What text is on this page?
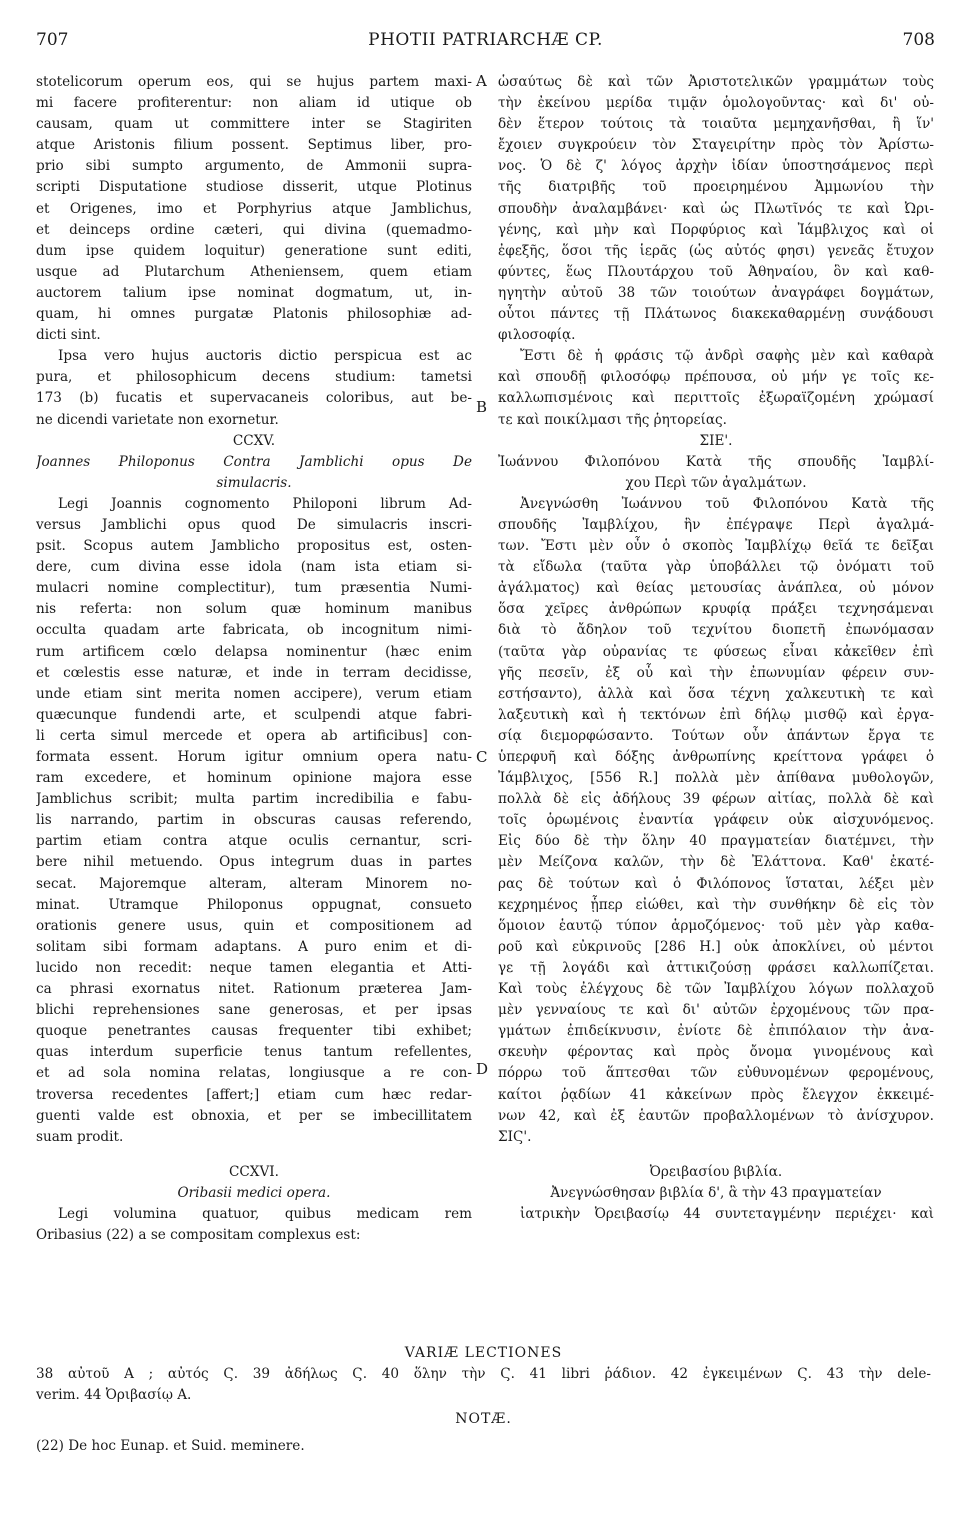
707	PHOTII PATRIARCHÆ CP.	708
stotelicorum operum eos, qui se hujus partem maxi-
mi facere profiterentur: non aliam id utique ob
causam, quam ut committere inter se Stagiriten
atque Aristonis filium possent. Septimus liber, pro-
prio sibi sumpto argumento, de Ammonii supra-
scripti Disputatione studiose disserit, utque Plotinus
et Origenes, imo et Porphyrius atque Jamblichus,
et deinceps ordine cæteri, qui divina (quemadmo-
dum ipse quidem loquitur) generatione sunt editi,
usque ad Plutarchum Atheniensem, quem etiam
auctorem talium ipse nominat dogmatum, ut, in-
quam, hi omnes purgatæ Platonis philosophiæ ad-
dicti sint.
Ipsa vero hujus auctoris dictio perspicua est ac
pura, et philosophicum decens studium: tametsi
173 (b) fucatis et supervacaneis coloribus, aut be-
ne dicendi varietate non exornetur.
CCXV.
Joannes Philoponus Contra Jamblichi opus De
simulacris.
Legi Joannis cognomento Philoponi librum Ad-
versus Jamblichi opus quod De simulacris inscri-
psit. Scopus autem Jamblicho propositus est, osten-
dere, cum divina esse idola (nam ista etiam si-
mulacri nomine complectitur), tum præsentia Numi-
nis referta: non solum quæ hominum manibus
occulta quadam arte fabricata, ob incognitum nimi-
rum artificem cœlo delapsa nominentur (hæc enim
et cœlestis esse naturæ, et inde in terram decidisse,
unde etiam sint merita nomen accipere), verum etiam
quæcunque fundendi arte, et sculpendi atque fabri-
li certa simul mercede et opera ab artificibus] con-
formata essent. Horum igitur omnium opera natu-
ram excedere, et hominum opinione majora esse
Jamblichus scribit; multa partim incredibilia e fabu-
lis narrando, partim in obscuras causas referendo,
partim etiam contra atque oculis cernantur, scri-
bere nihil metuendo. Opus integrum duas in partes
secat. Majoremque alteram, alteram Minorem no-
minat. Utramque Philoponus oppugnat, consueto
orationis genere usus, quin et compositionem ad
solitam sibi formam adaptans. A puro enim et di-
lucido non recedit: neque tamen elegantia et Atti-
ca phrasi exornatus nitet. Rationum præterea Jam-
blichi reprehensiones sane generosas, et per ipsas
quoque penetrantes causas frequenter tibi exhibet;
quas interdum superficie tenus tantum refellentes,
et ad sola nomina relatas, longiusque a re con-
troversa recedentes [affert;] etiam cum hæc redar-
guenti valde est obnoxia, et per se imbecillitatem
suam prodit.
CCXVI.
Oribasii medici opera.
Legi volumina quatuor, quibus medicam rem
Oribasius (22) a se compositam complexus est:
ὡσαύτως δὲ καὶ τῶν Ἀριστοτελικῶν γραμμάτων τοὺς
τὴν ἐκείνου μερίδα τιμᾷν ὁμολογοῦντας· καὶ δι' οὐ-
δὲν ἕτερον τούτοις τὰ τοιαῦτα μεμηχανῆσθαι, ἢ ἵν'
ἔχοιεν συγκρούειν τὸν Σταγειρίτην πρὸς τὸν Ἀρίστω-
νος. Ὁ δὲ ζ' λόγος ἀρχὴν ἰδίαν ὑποστησάμενος περὶ
τῆς διατριβῆς τοῦ προειρημένου Ἀμμωνίου τὴν
σπουδὴν ἀναλαμβάνει· καὶ ὡς Πλωτῖνός τε καὶ Ὠρι-
γένης, καὶ μὴν καὶ Πορφύριος καὶ Ἰάμβλιχος καὶ οἱ
ἐφεξῆς, ὅσοι τῆς ἱερᾶς (ὡς αὐτός φησι) γενεᾶς ἔτυχον
φύντες, ἕως Πλουτάρχου τοῦ Ἀθηναίου, ὃν καὶ καθ-
ηγητὴν αὐτοῦ 38 τῶν τοιούτων ἀναγράφει δογμάτων,
οὗτοι πάντες τῇ Πλάτωνος διακεκαθαρμένῃ συνᾴδουσι
φιλοσοφίᾳ.
Ἔστι δὲ ἡ φράσις τῷ ἀνδρὶ σαφὴς μὲν καὶ καθαρὰ
καὶ σπουδῇ φιλοσόφῳ πρέπουσα, οὐ μήν γε τοῖς κε-
καλλωπισμένοις καὶ περιττοῖς ἐξωραϊζομένη χρώμασί
τε καὶ ποικίλμασι τῆς ῥητορείας.
ΣΙΕ'.
Ἰωάννου Φιλοπόνου Κατὰ τῆς σπουδῆς Ἰαμβλί-
χου Περὶ τῶν ἀγαλμάτων.
Ἀνεγνώσθη Ἰωάννου τοῦ Φιλοπόνου Κατὰ τῆς
σπουδῆς Ἰαμβλίχου, ἣν ἐπέγραψε Περὶ ἀγαλμά-
των. Ἔστι μὲν οὖν ὁ σκοπὸς Ἰαμβλίχῳ θεῖά τε δεῖξαι
τὰ εἴδωλα (ταῦτα γὰρ ὑποβάλλει τῷ ὀνόματι τοῦ
ἀγάλματος) καὶ θείας μετουσίας ἀνάπλεα, οὐ μόνον
ὅσα χεῖρες ἀνθρώπων κρυφίᾳ πράξει τεχνησάμεναι
διὰ τὸ ἄδηλον τοῦ τεχνίτου διοπετῆ ἐπωνόμασαν
(ταῦτα γὰρ οὐρανίας τε φύσεως εἶναι κἀκεῖθεν ἐπὶ
γῆς πεσεῖν, ἐξ οὗ καὶ τὴν ἐπωνυμίαν φέρειν συν-
εστήσαντο), ἀλλὰ καὶ ὅσα τέχνη χαλκευτικὴ τε καὶ
λαξευτικὴ καὶ ἡ τεκτόνων ἐπὶ δήλῳ μισθῷ καὶ ἐργα-
σίᾳ διεμορφώσαντο. Τούτων οὖν ἁπάντων ἔργα τε
ὑπερφυῆ καὶ δόξης ἀνθρωπίνης κρείττονα γράφει ὁ
Ἰάμβλιχος, [556 R.] πολλὰ μὲν ἀπίθανα μυθολογῶν,
πολλὰ δὲ εἰς ἀδήλους 39 φέρων αἰτίας, πολλὰ δὲ καὶ
τοῖς ὁρωμένοις ἐναντία γράφειν οὐκ αἰσχυνόμενος.
Εἰς δύο δὲ τὴν ὅλην 40 πραγματείαν διατέμνει, τὴν
μὲν Μείζονα καλῶν, τὴν δὲ Ἐλάττονα. Καθ' ἑκατέ-
ρας δὲ τούτων καὶ ὁ Φιλόπονος ἵσταται, λέξει μὲν
κεχρημένος ᾗπερ εἰώθει, καὶ τὴν συνθήκην δὲ εἰς τὸν
ὅμοιον ἑαυτῷ τύπον ἁρμοζόμενος· τοῦ μὲν γὰρ καθα-
ροῦ καὶ εὐκρινοῦς [286 H.] οὐκ ἀποκλίνει, οὐ μέντοι
γε τῇ λογάδι καὶ ἀττικιζούσῃ φράσει καλλωπίζεται.
Καὶ τοὺς ἐλέγχους δὲ τῶν Ἰαμβλίχου λόγων πολλαχοῦ
μὲν γενναίους τε καὶ δι' αὐτῶν ἐρχομένους τῶν πρα-
γμάτων ἐπιδείκνυσιν, ἐνίοτε δὲ ἐπιπόλαιον τὴν ἀνα-
σκευὴν φέροντας καὶ πρὸς ὄνομα γινομένους καὶ
πόρρω τοῦ ἅπτεσθαι τῶν εὐθυνομένων φερομένους,
καίτοι ῥᾳδίων 41 κἀκείνων πρὸς ἔλεγχον ἐκκειμέ-
νων 42, καὶ ἐξ ἑαυτῶν προβαλλομένων τὸ ἀνίσχυρον.
ΣΙϚ'.
Ὀρειβασίου βιβλία.
Ἀνεγνώσθησαν βιβλία δ', ἃ τὴν 43 πραγματείαν
ἰατρικὴν Ὀρειβασίῳ 44 συντεταγμένην περιέχει· καὶ
A
B
C
D
VARIÆ LECTIONES
38 αὐτοῦ A ; αὐτός Ϛ. 39 ἀδήλως Ϛ. 40 ὅλην τὴν Ϛ. 41 libri ῥάδιον. 42 ἐγκειμένων Ϛ. 43 τὴν dele-
verim. 44 Ὀριβασίῳ A.
NOTÆ.
(22) De hoc Eunap. et Suid. meminere.
